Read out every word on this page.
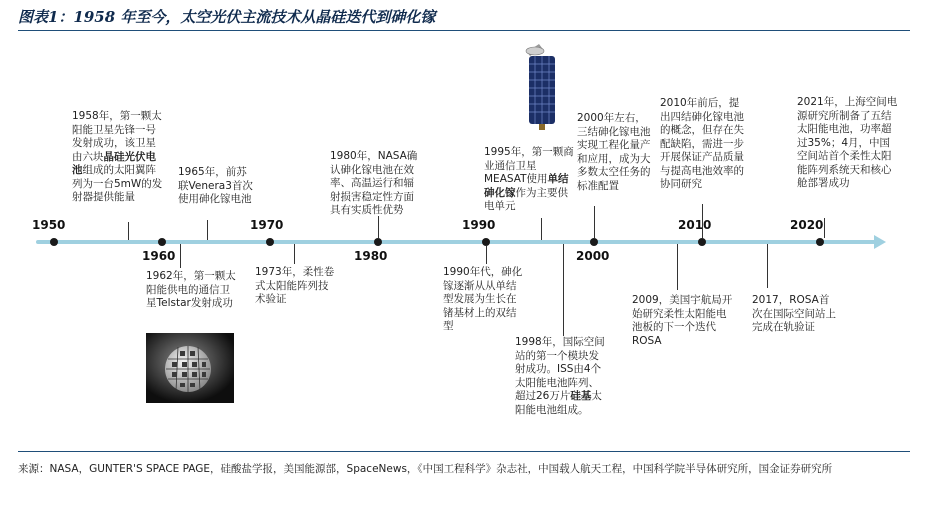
图表1：1958 年至今，太空光伏主流技术从晶硅迭代到砷化镓
1950
1960
1970
1980
1990
2000
2010	2020
1958年，第一颗太阳能卫星先锋一号发射成功，该卫星由六块晶硅光伏电池组成的太阳翼阵列为一台5mW的发射器提供能量
1962年，第一颗太阳能供电的通信卫星Telstar发射成功
1965年，前苏联Venera3首次使用砷化镓电池
1973年，柔性卷式太阳能阵列技术验证
1980年，NASA确认砷化镓电池在效率、高温运行和辐射损害稳定性方面具有实质性优势
1990年代，砷化镓逐渐从从单结型发展为生长在锗基材上的双结型
1995年，第一颗商业通信卫星MEASAT使用单结砷化镓作为主要供电单元
1998年，国际空间站的第一个模块发射成功。ISS由4个太阳能电池阵列、超过26万片硅基太阳能电池组成。
2000年左右，三结砷化镓电池实现工程化量产和应用，成为大多数太空任务的标准配置
2009，美国宇航局开始研究柔性太阳能电池板的下一个迭代ROSA
2010年前后，提出四结砷化镓电池的概念，但存在失配缺陷，需进一步开展保证产品质量与提高电池效率的协同研究
2017，ROSA首次在国际空间站上完成在轨验证
2021年，上海空间电源研究所制备了五结太阳能电池，功率超过35%；4月，中国空间站首个柔性太阳能阵列系统天和核心舱部署成功
来源：NASA，GUNTER'S SPACE PAGE，硅酸盐学报，美国能源部，SpaceNews，《中国工程科学》杂志社，中国载人航天工程，中国科学院半导体研究所，国金证券研究所
